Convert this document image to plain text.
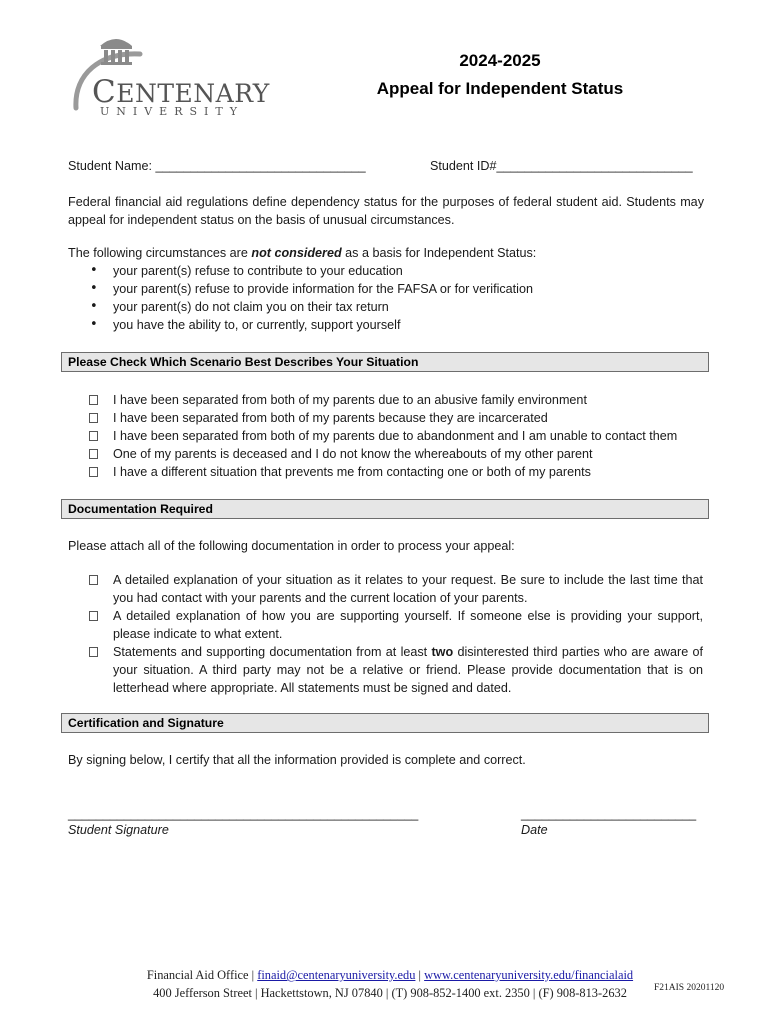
CENTENARY
UNIVERSITY
2024-2025
Appeal for Independent Status
Student Name: ______________________________	Student ID#____________________________
Federal financial aid regulations define dependency status for the purposes of federal student aid. Students may appeal for independent status on the basis of unusual circumstances.
The following circumstances are not considered as a basis for Independent Status:
• your parent(s) refuse to contribute to your education
• your parent(s) refuse to provide information for the FAFSA or for verification
• your parent(s) do not claim you on their tax return
• you have the ability to, or currently, support yourself
Please Check Which Scenario Best Describes Your Situation
I have been separated from both of my parents due to an abusive family environment
I have been separated from both of my parents because they are incarcerated
I have been separated from both of my parents due to abandonment and I am unable to contact them
One of my parents is deceased and I do not know the whereabouts of my other parent
I have a different situation that prevents me from contacting one or both of my parents
Documentation Required
Please attach all of the following documentation in order to process your appeal:
A detailed explanation of your situation as it relates to your request. Be sure to include the last time that you had contact with your parents and the current location of your parents.
A detailed explanation of how you are supporting yourself. If someone else is providing your support, please indicate to what extent.
Statements and supporting documentation from at least two disinterested third parties who are aware of your situation. A third party may not be a relative or friend. Please provide documentation that is on letterhead where appropriate. All statements must be signed and dated.
Certification and Signature
By signing below, I certify that all the information provided is complete and correct.
__________________________________________________
Student Signature
_________________________
Date
Financial Aid Office | finaid@centenaryuniversity.edu | www.centenaryuniversity.edu/financialaid
400 Jefferson Street | Hackettstown, NJ 07840 | (T) 908-852-1400 ext. 2350 | (F) 908-813-2632	F21AIS 20201120
